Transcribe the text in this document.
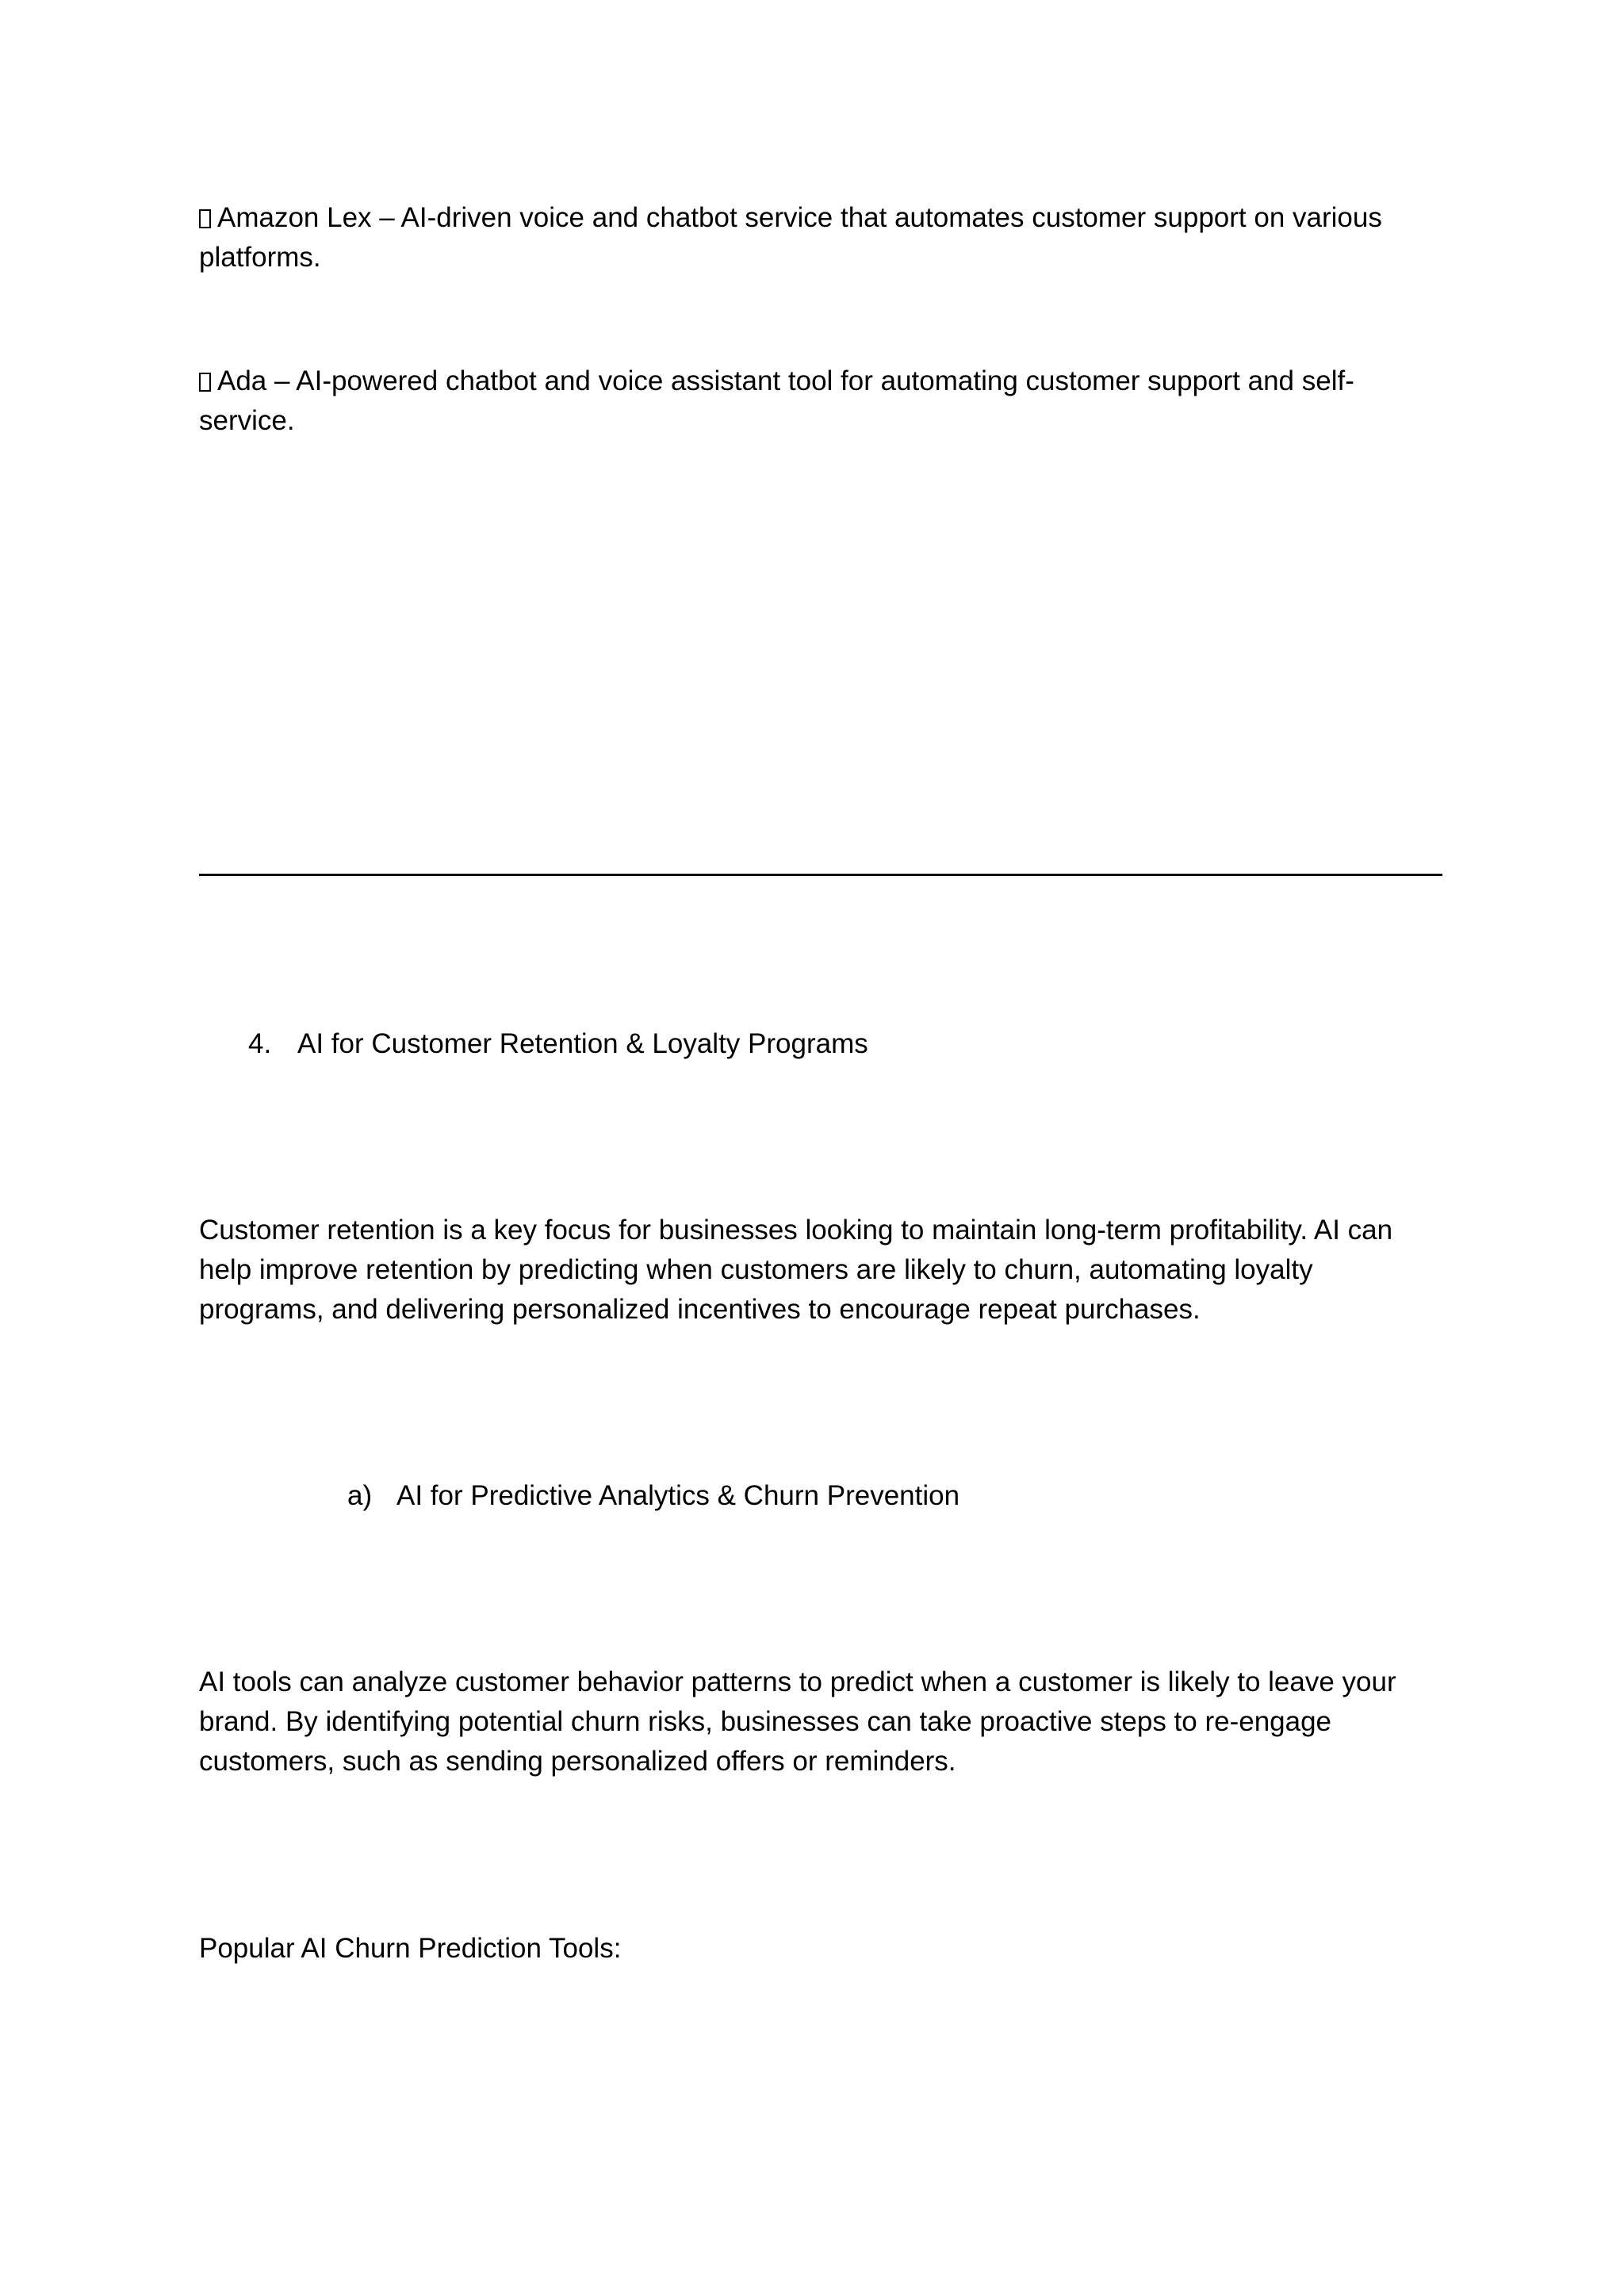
Amazon Lex – AI-driven voice and chatbot service that automates customer support on various platforms.

Ada – AI-powered chatbot and voice assistant tool for automating customer support and self-service.

4. AI for Customer Retention & Loyalty Programs

Customer retention is a key focus for businesses looking to maintain long-term profitability. AI can help improve retention by predicting when customers are likely to churn, automating loyalty programs, and delivering personalized incentives to encourage repeat purchases.

a) AI for Predictive Analytics & Churn Prevention

AI tools can analyze customer behavior patterns to predict when a customer is likely to leave your brand. By identifying potential churn risks, businesses can take proactive steps to re-engage customers, such as sending personalized offers or reminders.

Popular AI Churn Prediction Tools:
